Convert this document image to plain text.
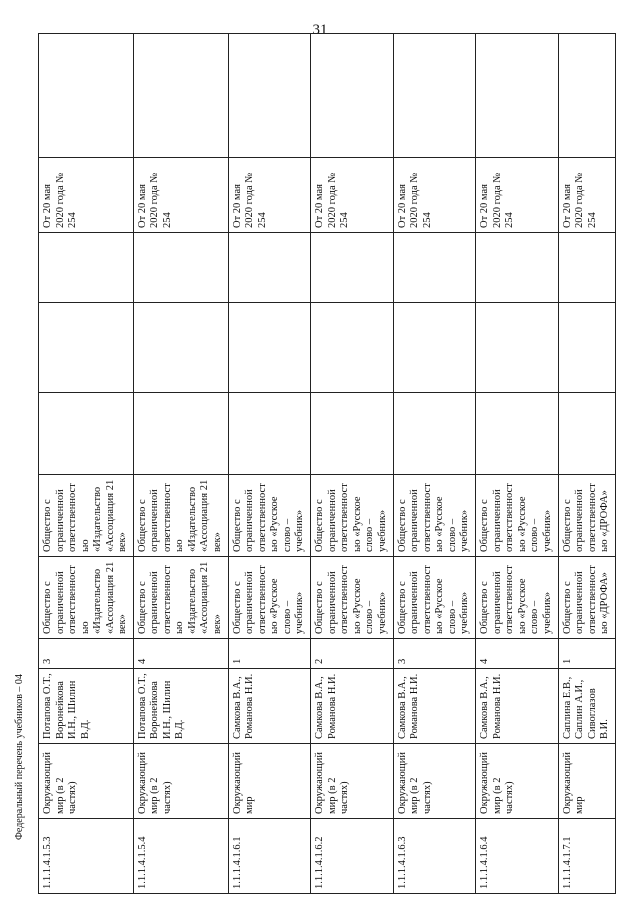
31
1.1.1.4.1.5.3	Окружающий мир (в 2 частях)	Потапова О.Т., Воронейкова И.Н., Шилин В.Д.	3	Общество с ограниченной ответственностью «Издательство «Ассоциация 21 век»	Общество с ограниченной ответственностью «Издательство «Ассоциация 21 век»				От 20 мая 2020 года № 254	
1.1.1.4.1.5.4	Окружающий мир (в 2 частях)	Потапова О.Т., Воронейкова И.Н., Шилин В.Д.	4	Общество с ограниченной ответственностью «Издательство «Ассоциация 21 век»	Общество с ограниченной ответственностью «Издательство «Ассоциация 21 век»				От 20 мая 2020 года № 254	
1.1.1.4.1.6.1	Окружающий мир	Самкова В.А., Романова Н.И.	1	Общество с ограниченной ответственностью «Русское слово – учебник»	Общество с ограниченной ответственностью «Русское слово – учебник»				От 20 мая 2020 года № 254	
1.1.1.4.1.6.2	Окружающий мир (в 2 частях)	Самкова В.А., Романова Н.И.	2	Общество с ограниченной ответственностью «Русское слово – учебник»	Общество с ограниченной ответственностью «Русское слово – учебник»				От 20 мая 2020 года № 254	
1.1.1.4.1.6.3	Окружающий мир (в 2 частях)	Самкова В.А., Романова Н.И.	3	Общество с ограниченной ответственностью «Русское слово – учебник»	Общество с ограниченной ответственностью «Русское слово – учебник»				От 20 мая 2020 года № 254	
1.1.1.4.1.6.4	Окружающий мир (в 2 частях)	Самкова В.А., Романова Н.И.	4	Общество с ограниченной ответственностью «Русское слово – учебник»	Общество с ограниченной ответственностью «Русское слово – учебник»				От 20 мая 2020 года № 254	
1.1.1.4.1.7.1	Окружающий мир	Саплина Е.В., Саплин А.И., Сивоглазов В.И.	1	Общество с ограниченной ответственностью «ДРОФА»	Общество с ограниченной ответственностью «ДРОФА»				От 20 мая 2020 года № 254	
Федеральный перечень учебников – 04
